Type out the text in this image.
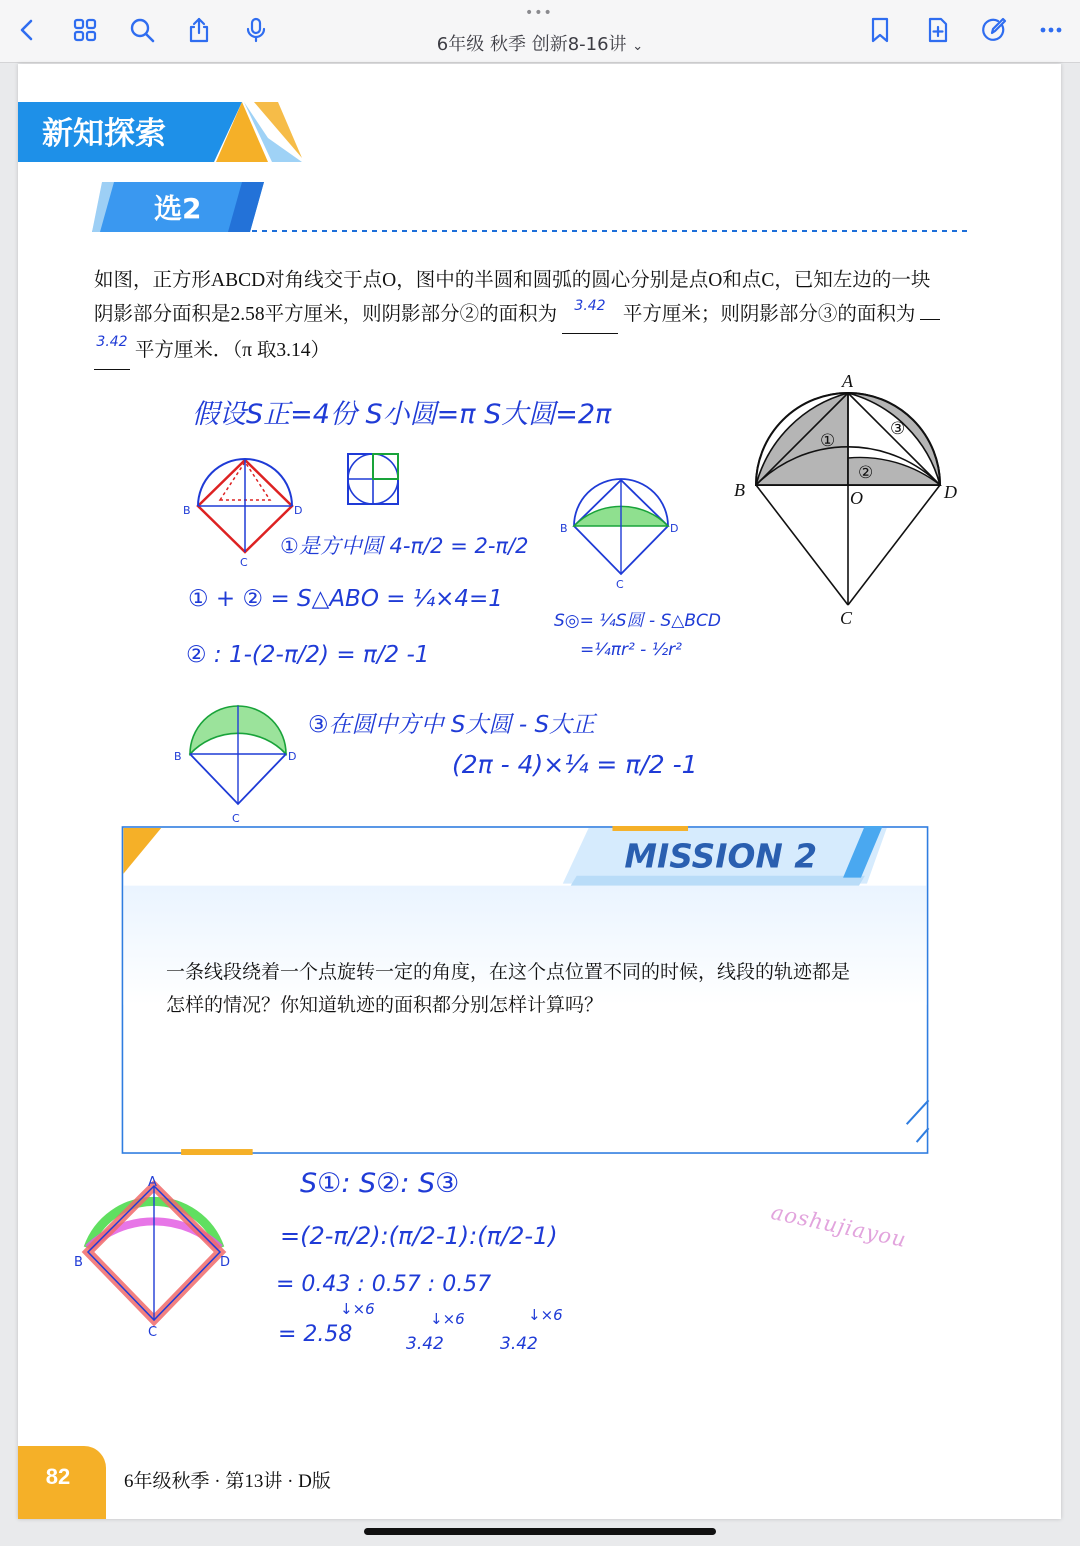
•••
6年级 秋季 创新8-16讲 ⌄
新知探索
选2
如图，正方形ABCD对角线交于点O，图中的半圆和圆弧的圆心分别是点O和点C，已知左边的一块
阴影部分面积是2.58平方厘米，则阴影部分②的面积为 $^{3.42}$ 平方厘米；则阴影部分③的面积为
$^{3.42}$ 平方厘米．（π 取3.14）
A
B	D
O
C
①
②
③
假设S正=4份 S小圆=π S大圆=2π
B	D
C
①是方中圆 4-π/2 = 2-π/2
① + ② = S△ABO = ¼×4=1
② : 1-(2-π/2) = π/2 -1
B	D
C
S◎= ¼S圆 - S△BCD
=¼πr² - ½r²
B	D
C
③在圆中方中 S大圆 - S大正
(2π - 4)×¼ = π/2 -1
MISSION 2
一条线段绕着一个点旋转一定的角度，在这个点位置不同的时候，线段的轨迹都是
怎样的情况？你知道轨迹的面积都分别怎样计算吗？
A
B	D
C
S①: S②: S③
=(2-π/2):(π/2-1):(π/2-1)
= 0.43 : 0.57 : 0.57
↓×6
↓×6	↓×6
= 2.58	3.42	3.42
aoshujiayou
82	6年级秋季 · 第13讲 · D版
